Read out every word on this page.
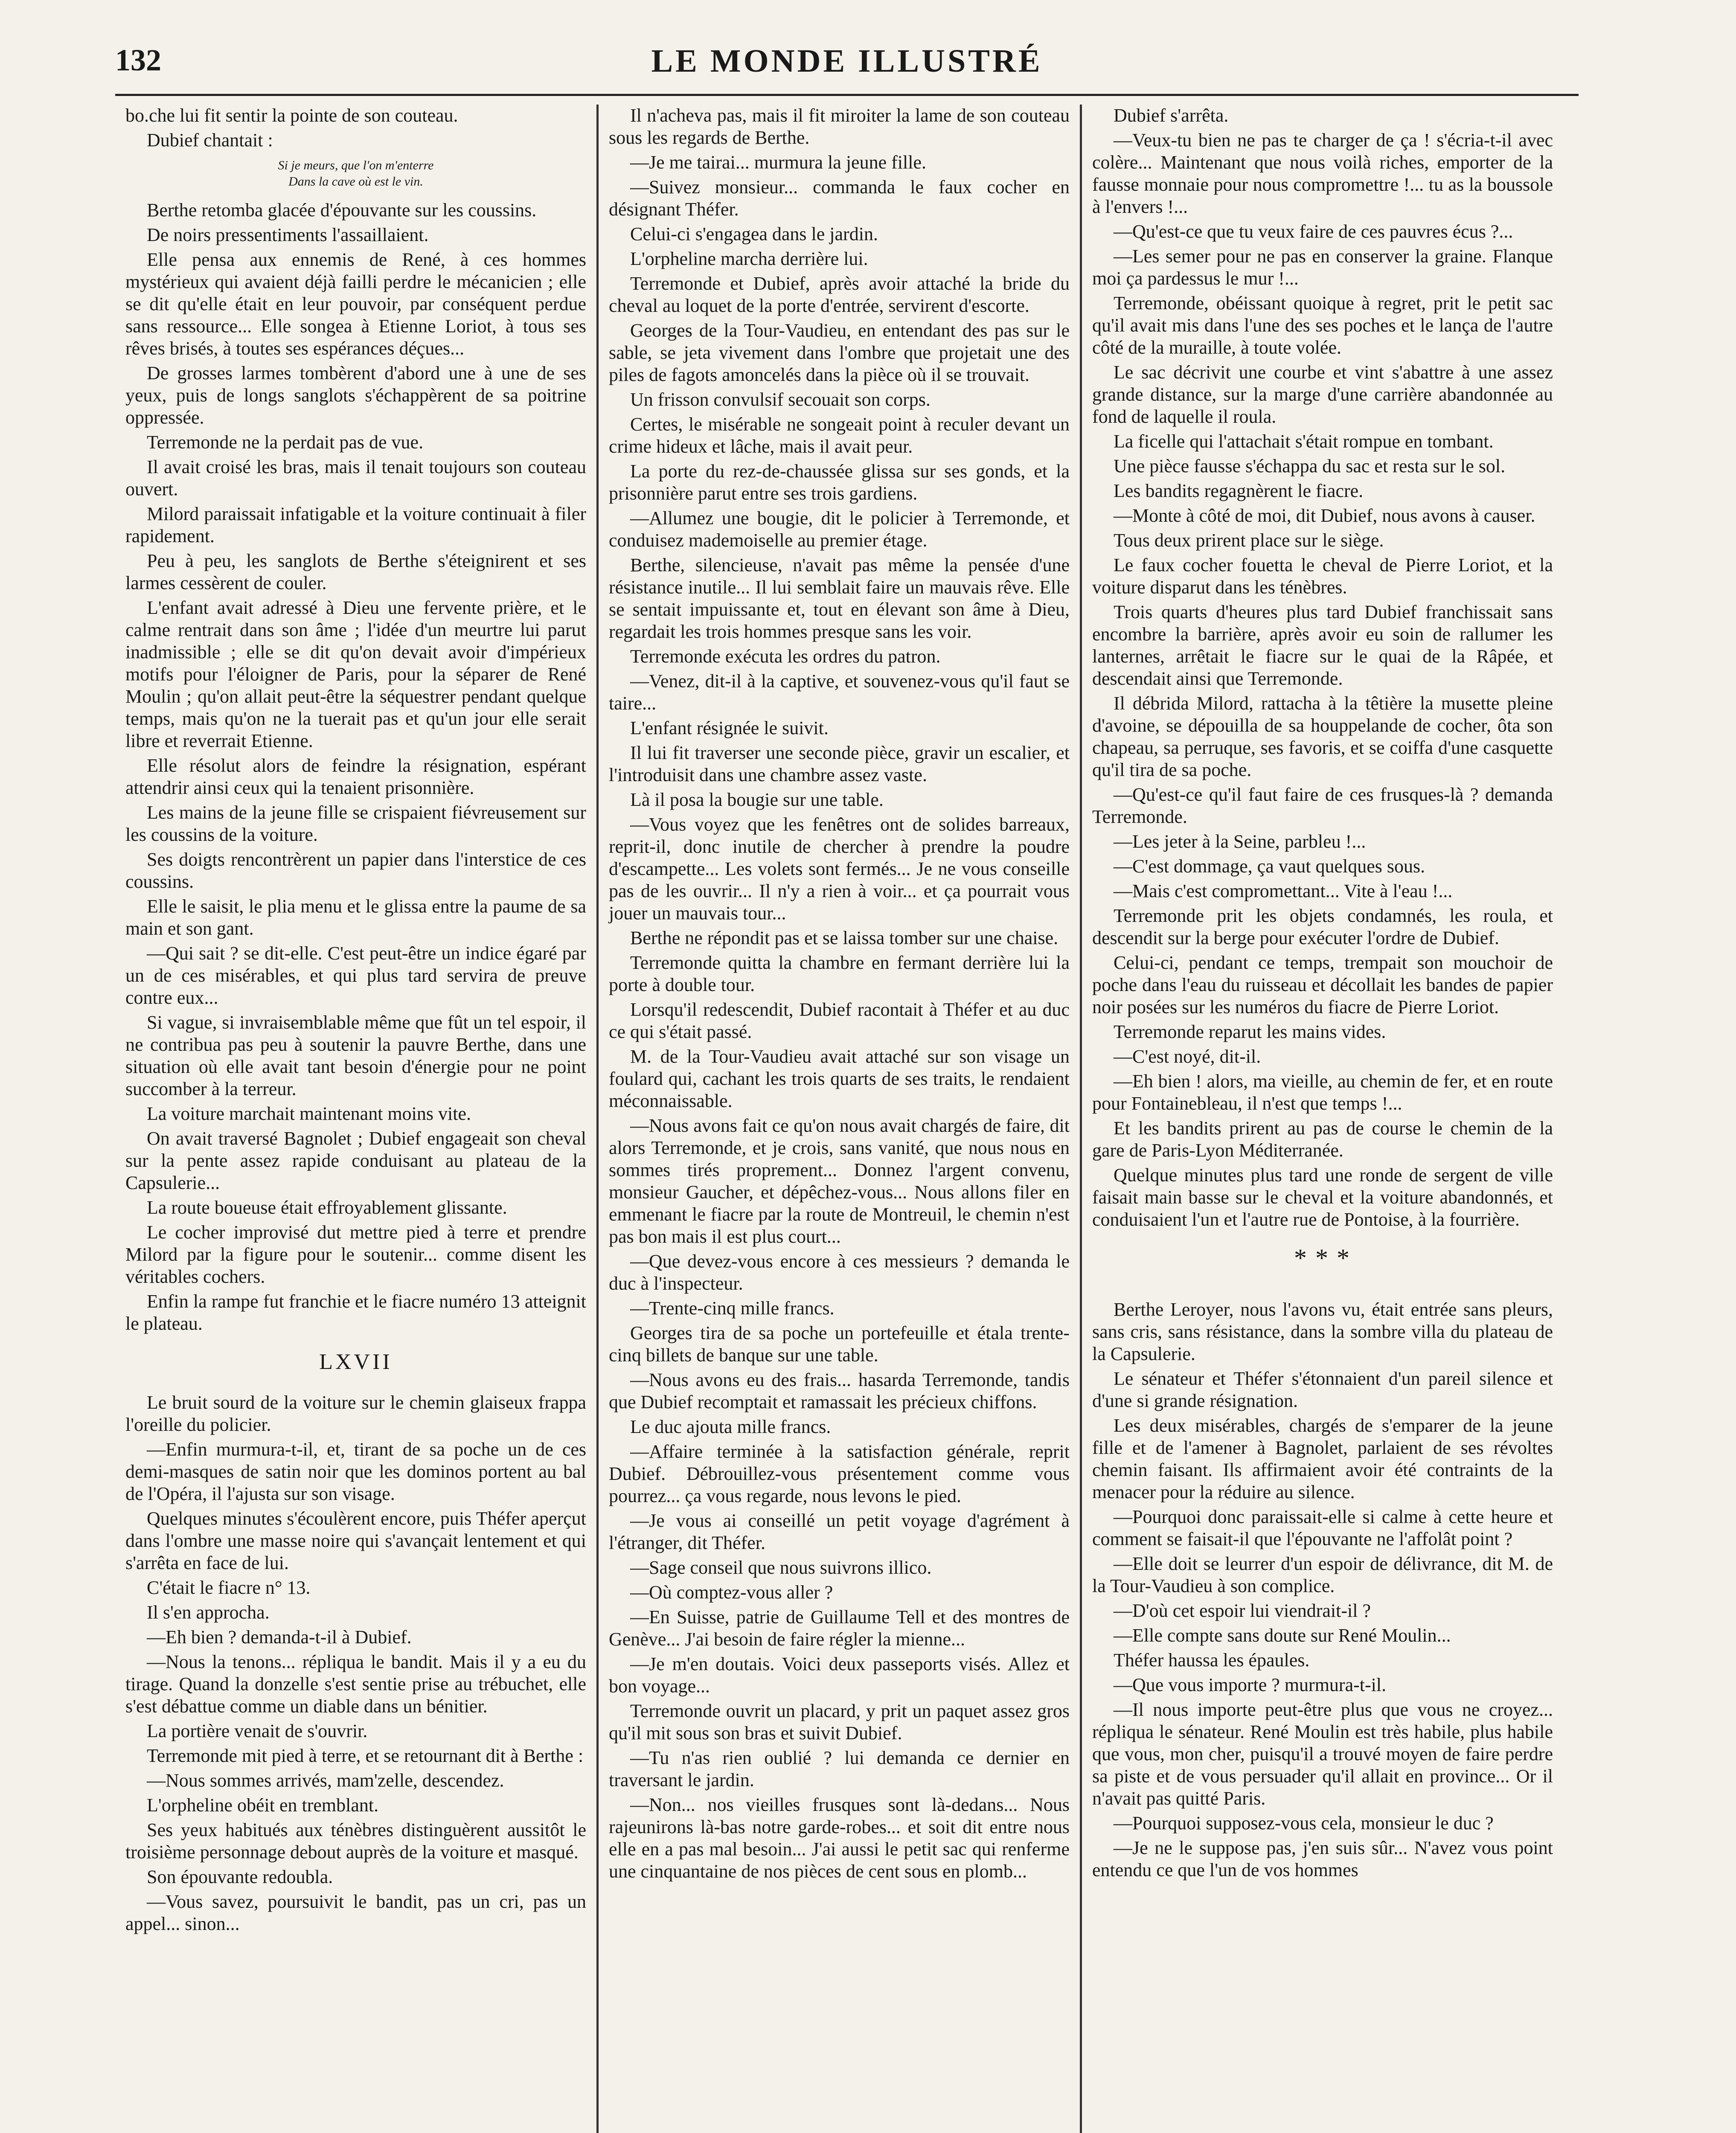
132	LE MONDE ILLUSTRÉ

bo.che lui fit sentir la pointe de son couteau.

Dubief chantait :

Si je meurs, que l'on m'enterre
Dans la cave où est le vin.

Berthe retomba glacée d'épouvante sur les coussins.

De noirs pressentiments l'assaillaient.

Elle pensa aux ennemis de René, à ces hommes mystérieux qui avaient déjà failli perdre le mécanicien ; elle se dit qu'elle était en leur pouvoir, par conséquent perdue sans ressource... Elle songea à Etienne Loriot, à tous ses rêves brisés, à toutes ses espérances déçues...

De grosses larmes tombèrent d'abord une à une de ses yeux, puis de longs sanglots s'échappèrent de sa poitrine oppressée.

Terremonde ne la perdait pas de vue.

Il avait croisé les bras, mais il tenait toujours son couteau ouvert.

Milord paraissait infatigable et la voiture continuait à filer rapidement.

Peu à peu, les sanglots de Berthe s'éteignirent et ses larmes cessèrent de couler.

L'enfant avait adressé à Dieu une fervente prière, et le calme rentrait dans son âme ; l'idée d'un meurtre lui parut inadmissible ; elle se dit qu'on devait avoir d'impérieux motifs pour l'éloigner de Paris, pour la séparer de René Moulin ; qu'on allait peut-être la séquestrer pendant quelque temps, mais qu'on ne la tuerait pas et qu'un jour elle serait libre et reverrait Etienne.

Elle résolut alors de feindre la résignation, espérant attendrir ainsi ceux qui la tenaient prisonnière.

Les mains de la jeune fille se crispaient fiévreusement sur les coussins de la voiture.

Ses doigts rencontrèrent un papier dans l'interstice de ces coussins.

Elle le saisit, le plia menu et le glissa entre la paume de sa main et son gant.

—Qui sait ? se dit-elle. C'est peut-être un indice égaré par un de ces misérables, et qui plus tard servira de preuve contre eux...

Si vague, si invraisemblable même que fût un tel espoir, il ne contribua pas peu à soutenir la pauvre Berthe, dans une situation où elle avait tant besoin d'énergie pour ne point succomber à la terreur.

La voiture marchait maintenant moins vite.

On avait traversé Bagnolet ; Dubief engageait son cheval sur la pente assez rapide conduisant au plateau de la Capsulerie...

La route boueuse était effroyablement glissante.

Le cocher improvisé dut mettre pied à terre et prendre Milord par la figure pour le soutenir... comme disent les véritables cochers.

Enfin la rampe fut franchie et le fiacre numéro 13 atteignit le plateau.

LXVII

Le bruit sourd de la voiture sur le chemin glaiseux frappa l'oreille du policier.

—Enfin murmura-t-il, et, tirant de sa poche un de ces demi-masques de satin noir que les dominos portent au bal de l'Opéra, il l'ajusta sur son visage.

Quelques minutes s'écoulèrent encore, puis Théfer aperçut dans l'ombre une masse noire qui s'avançait lentement et qui s'arrêta en face de lui.

C'était le fiacre n° 13.

Il s'en approcha.

—Eh bien ? demanda-t-il à Dubief.

—Nous la tenons... répliqua le bandit. Mais il y a eu du tirage. Quand la donzelle s'est sentie prise au trébuchet, elle s'est débattue comme un diable dans un bénitier.

La portière venait de s'ouvrir.

Terremonde mit pied à terre, et se retournant dit à Berthe :

—Nous sommes arrivés, mam'zelle, descendez.

L'orpheline obéit en tremblant.

Ses yeux habitués aux ténèbres distinguèrent aussitôt le troisième personnage debout auprès de la voiture et masqué.

Son épouvante redoubla.

—Vous savez, poursuivit le bandit, pas un cri, pas un appel... sinon...

Il n'acheva pas, mais il fit miroiter la lame de son couteau sous les regards de Berthe.

—Je me tairai... murmura la jeune fille.

—Suivez monsieur... commanda le faux cocher en désignant Théfer.

Celui-ci s'engagea dans le jardin.

L'orpheline marcha derrière lui.

Terremonde et Dubief, après avoir attaché la bride du cheval au loquet de la porte d'entrée, servirent d'escorte.

Georges de la Tour-Vaudieu, en entendant des pas sur le sable, se jeta vivement dans l'ombre que projetait une des piles de fagots amoncelés dans la pièce où il se trouvait.

Un frisson convulsif secouait son corps.

Certes, le misérable ne songeait point à reculer devant un crime hideux et lâche, mais il avait peur.

La porte du rez-de-chaussée glissa sur ses gonds, et la prisonnière parut entre ses trois gardiens.

—Allumez une bougie, dit le policier à Terremonde, et conduisez mademoiselle au premier étage.

Berthe, silencieuse, n'avait pas même la pensée d'une résistance inutile... Il lui semblait faire un mauvais rêve. Elle se sentait impuissante et, tout en élevant son âme à Dieu, regardait les trois hommes presque sans les voir.

Terremonde exécuta les ordres du patron.

—Venez, dit-il à la captive, et souvenez-vous qu'il faut se taire...

L'enfant résignée le suivit.

Il lui fit traverser une seconde pièce, gravir un escalier, et l'introduisit dans une chambre assez vaste.

Là il posa la bougie sur une table.

—Vous voyez que les fenêtres ont de solides barreaux, reprit-il, donc inutile de chercher à prendre la poudre d'escampette... Les volets sont fermés... Je ne vous conseille pas de les ouvrir... Il n'y a rien à voir... et ça pourrait vous jouer un mauvais tour...

Berthe ne répondit pas et se laissa tomber sur une chaise.

Terremonde quitta la chambre en fermant derrière lui la porte à double tour.

Lorsqu'il redescendit, Dubief racontait à Théfer et au duc ce qui s'était passé.

M. de la Tour-Vaudieu avait attaché sur son visage un foulard qui, cachant les trois quarts de ses traits, le rendaient méconnaissable.

—Nous avons fait ce qu'on nous avait chargés de faire, dit alors Terremonde, et je crois, sans vanité, que nous nous en sommes tirés proprement... Donnez l'argent convenu, monsieur Gaucher, et dépêchez-vous... Nous allons filer en emmenant le fiacre par la route de Montreuil, le chemin n'est pas bon mais il est plus court...

—Que devez-vous encore à ces messieurs ? demanda le duc à l'inspecteur.

—Trente-cinq mille francs.

Georges tira de sa poche un portefeuille et étala trente-cinq billets de banque sur une table.

—Nous avons eu des frais... hasarda Terremonde, tandis que Dubief recomptait et ramassait les précieux chiffons.

Le duc ajouta mille francs.

—Affaire terminée à la satisfaction générale, reprit Dubief. Débrouillez-vous présentement comme vous pourrez... ça vous regarde, nous levons le pied.

—Je vous ai conseillé un petit voyage d'agrément à l'étranger, dit Théfer.

—Sage conseil que nous suivrons illico.

—Où comptez-vous aller ?

—En Suisse, patrie de Guillaume Tell et des montres de Genève... J'ai besoin de faire régler la mienne...

—Je m'en doutais. Voici deux passeports visés. Allez et bon voyage...

Terremonde ouvrit un placard, y prit un paquet assez gros qu'il mit sous son bras et suivit Dubief.

—Tu n'as rien oublié ? lui demanda ce dernier en traversant le jardin.

—Non... nos vieilles frusques sont là-dedans... Nous rajeunirons là-bas notre garde-robes... et soit dit entre nous elle en a pas mal besoin... J'ai aussi le petit sac qui renferme une cinquantaine de nos pièces de cent sous en plomb...

Dubief s'arrêta.

—Veux-tu bien ne pas te charger de ça ! s'écria-t-il avec colère... Maintenant que nous voilà riches, emporter de la fausse monnaie pour nous compromettre !... tu as la boussole à l'envers !...

—Qu'est-ce que tu veux faire de ces pauvres écus ?...

—Les semer pour ne pas en conserver la graine. Flanque moi ça pardessus le mur !...

Terremonde, obéissant quoique à regret, prit le petit sac qu'il avait mis dans l'une des ses poches et le lança de l'autre côté de la muraille, à toute volée.

Le sac décrivit une courbe et vint s'abattre à une assez grande distance, sur la marge d'une carrière abandonnée au fond de laquelle il roula.

La ficelle qui l'attachait s'était rompue en tombant.

Une pièce fausse s'échappa du sac et resta sur le sol.

Les bandits regagnèrent le fiacre.

—Monte à côté de moi, dit Dubief, nous avons à causer.

Tous deux prirent place sur le siège.

Le faux cocher fouetta le cheval de Pierre Loriot, et la voiture disparut dans les ténèbres.

Trois quarts d'heures plus tard Dubief franchissait sans encombre la barrière, après avoir eu soin de rallumer les lanternes, arrêtait le fiacre sur le quai de la Râpée, et descendait ainsi que Terremonde.

Il débrida Milord, rattacha à la têtière la musette pleine d'avoine, se dépouilla de sa houppelande de cocher, ôta son chapeau, sa perruque, ses favoris, et se coiffa d'une casquette qu'il tira de sa poche.

—Qu'est-ce qu'il faut faire de ces frusques-là ? demanda Terremonde.

—Les jeter à la Seine, parbleu !...

—C'est dommage, ça vaut quelques sous.

—Mais c'est compromettant... Vite à l'eau !...

Terremonde prit les objets condamnés, les roula, et descendit sur la berge pour exécuter l'ordre de Dubief.

Celui-ci, pendant ce temps, trempait son mouchoir de poche dans l'eau du ruisseau et décollait les bandes de papier noir posées sur les numéros du fiacre de Pierre Loriot.

Terremonde reparut les mains vides.

—C'est noyé, dit-il.

—Eh bien ! alors, ma vieille, au chemin de fer, et en route pour Fontainebleau, il n'est que temps !...

Et les bandits prirent au pas de course le chemin de la gare de Paris-Lyon Méditerranée.

Quelque minutes plus tard une ronde de sergent de ville faisait main basse sur le cheval et la voiture abandonnés, et conduisaient l'un et l'autre rue de Pontoise, à la fourrière.

* * *

Berthe Leroyer, nous l'avons vu, était entrée sans pleurs, sans cris, sans résistance, dans la sombre villa du plateau de la Capsulerie.

Le sénateur et Théfer s'étonnaient d'un pareil silence et d'une si grande résignation.

Les deux misérables, chargés de s'emparer de la jeune fille et de l'amener à Bagnolet, parlaient de ses révoltes chemin faisant. Ils affirmaient avoir été contraints de la menacer pour la réduire au silence.

—Pourquoi donc paraissait-elle si calme à cette heure et comment se faisait-il que l'épouvante ne l'affolât point ?

—Elle doit se leurrer d'un espoir de délivrance, dit M. de la Tour-Vaudieu à son complice.

—D'où cet espoir lui viendrait-il ?

—Elle compte sans doute sur René Moulin...

Théfer haussa les épaules.

—Que vous importe ? murmura-t-il.

—Il nous importe peut-être plus que vous ne croyez... répliqua le sénateur. René Moulin est très habile, plus habile que vous, mon cher, puisqu'il a trouvé moyen de faire perdre sa piste et de vous persuader qu'il allait en province... Or il n'avait pas quitté Paris.

—Pourquoi supposez-vous cela, monsieur le duc ?

—Je ne le suppose pas, j'en suis sûr... N'avez vous point entendu ce que l'un de vos hommes
